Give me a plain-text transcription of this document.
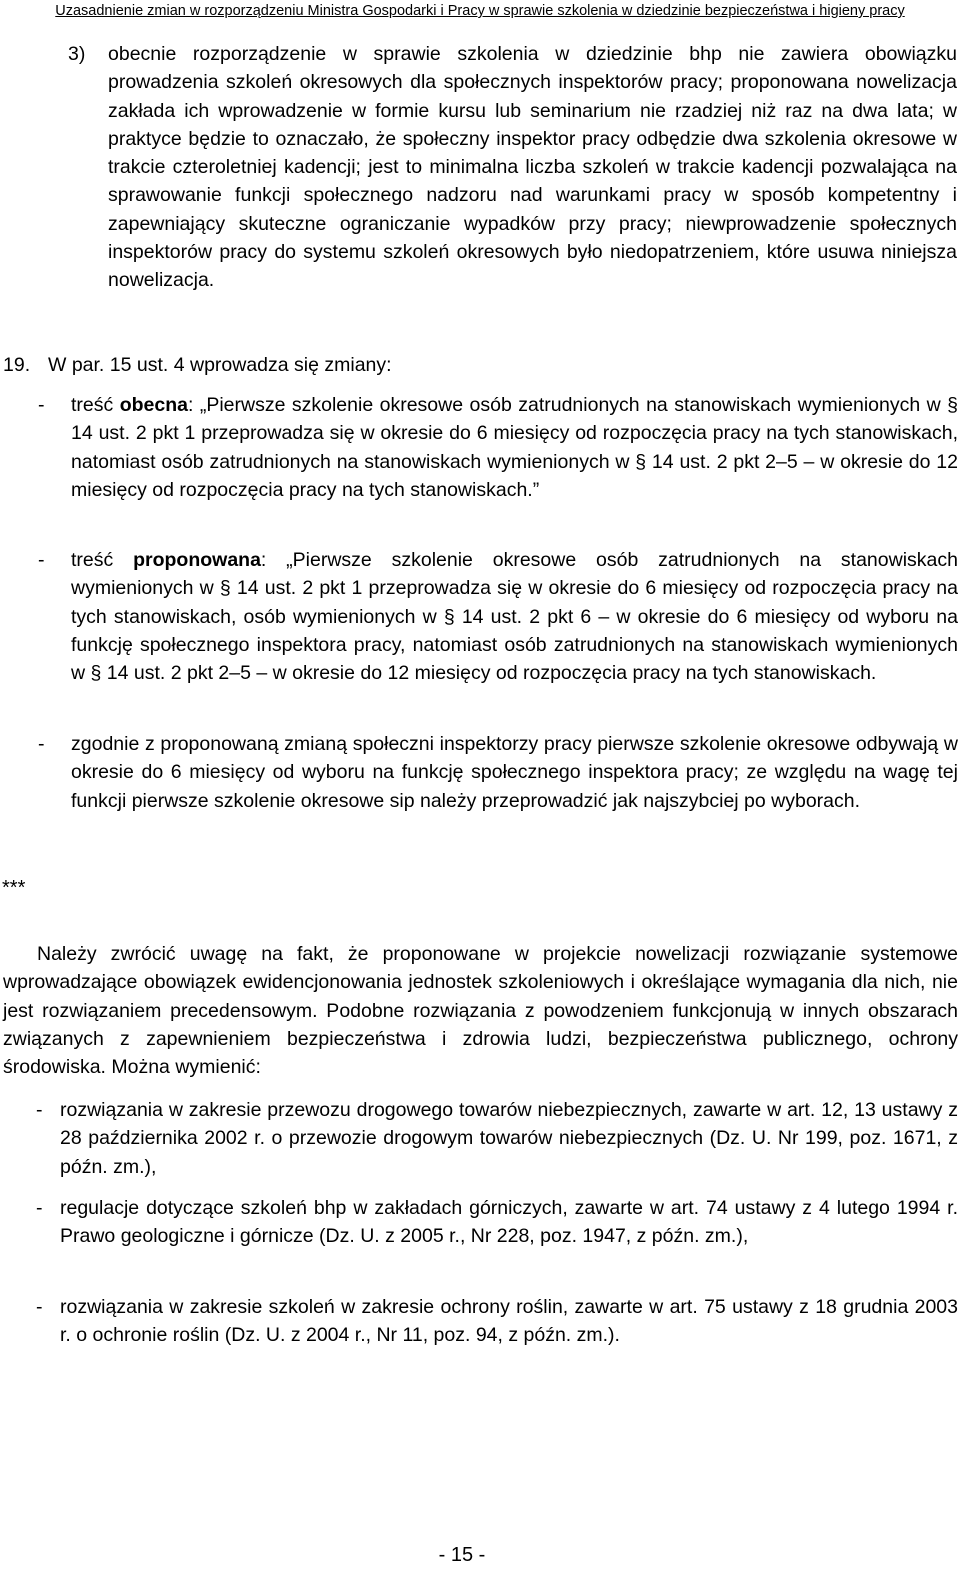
Uzasadnienie zmian w rozporządzeniu Ministra Gospodarki i Pracy w sprawie szkolenia w dziedzinie bezpieczeństwa i higieny pracy
3) obecnie rozporządzenie w sprawie szkolenia w dziedzinie bhp nie zawiera obowiązku prowadzenia szkoleń okresowych dla społecznych inspektorów pracy; proponowana nowelizacja zakłada ich wprowadzenie w formie kursu lub seminarium nie rzadziej niż raz na dwa lata; w praktyce będzie to oznaczało, że społeczny inspektor pracy odbędzie dwa szkolenia okresowe w trakcie czteroletniej kadencji; jest to minimalna liczba szkoleń w trakcie kadencji pozwalająca na sprawowanie funkcji społecznego nadzoru nad warunkami pracy w sposób kompetentny i zapewniający skuteczne ograniczanie wypadków przy pracy; niewprowadzenie społecznych inspektorów pracy do systemu szkoleń okresowych było niedopatrzeniem, które usuwa niniejsza nowelizacja.
19. W par. 15 ust. 4 wprowadza się zmiany:
- treść obecna: „Pierwsze szkolenie okresowe osób zatrudnionych na stanowiskach wymienionych w § 14 ust. 2 pkt 1 przeprowadza się w okresie do 6 miesięcy od rozpoczęcia pracy na tych stanowiskach, natomiast osób zatrudnionych na stanowiskach wymienionych w § 14 ust. 2 pkt 2–5 – w okresie do 12 miesięcy od rozpoczęcia pracy na tych stanowiskach.”
- treść proponowana: „Pierwsze szkolenie okresowe osób zatrudnionych na stanowiskach wymienionych w § 14 ust. 2 pkt 1 przeprowadza się w okresie do 6 miesięcy od rozpoczęcia pracy na tych stanowiskach, osób wymienionych w § 14 ust. 2 pkt 6 – w okresie do 6 miesięcy od wyboru na funkcję społecznego inspektora pracy, natomiast osób zatrudnionych na stanowiskach wymienionych w § 14 ust. 2 pkt 2–5 – w okresie do 12 miesięcy od rozpoczęcia pracy na tych stanowiskach.
- zgodnie z proponowaną zmianą społeczni inspektorzy pracy pierwsze szkolenie okresowe odbywają w okresie do 6 miesięcy od wyboru na funkcję społecznego inspektora pracy; ze względu na wagę tej funkcji pierwsze szkolenie okresowe sip należy przeprowadzić jak najszybciej po wyborach.
***
Należy zwrócić uwagę na fakt, że proponowane w projekcie nowelizacji rozwiązanie systemowe wprowadzające obowiązek ewidencjonowania jednostek szkoleniowych i określające wymagania dla nich, nie jest rozwiązaniem precedensowym. Podobne rozwiązania z powodzeniem funkcjonują w innych obszarach związanych z zapewnieniem bezpieczeństwa i zdrowia ludzi, bezpieczeństwa publicznego, ochrony środowiska. Można wymienić:
- rozwiązania w zakresie przewozu drogowego towarów niebezpiecznych, zawarte w art. 12, 13 ustawy z 28 października 2002 r. o przewozie drogowym towarów niebezpiecznych (Dz. U. Nr 199, poz. 1671, z późn. zm.),
- regulacje dotyczące szkoleń bhp w zakładach górniczych, zawarte w art. 74 ustawy z 4 lutego 1994 r. Prawo geologiczne i górnicze (Dz. U. z 2005 r., Nr 228, poz. 1947, z późn. zm.),
- rozwiązania w zakresie szkoleń w zakresie ochrony roślin, zawarte w art. 75 ustawy z 18 grudnia 2003 r. o ochronie roślin (Dz. U. z 2004 r., Nr 11, poz. 94, z późn. zm.).
- 15 -
